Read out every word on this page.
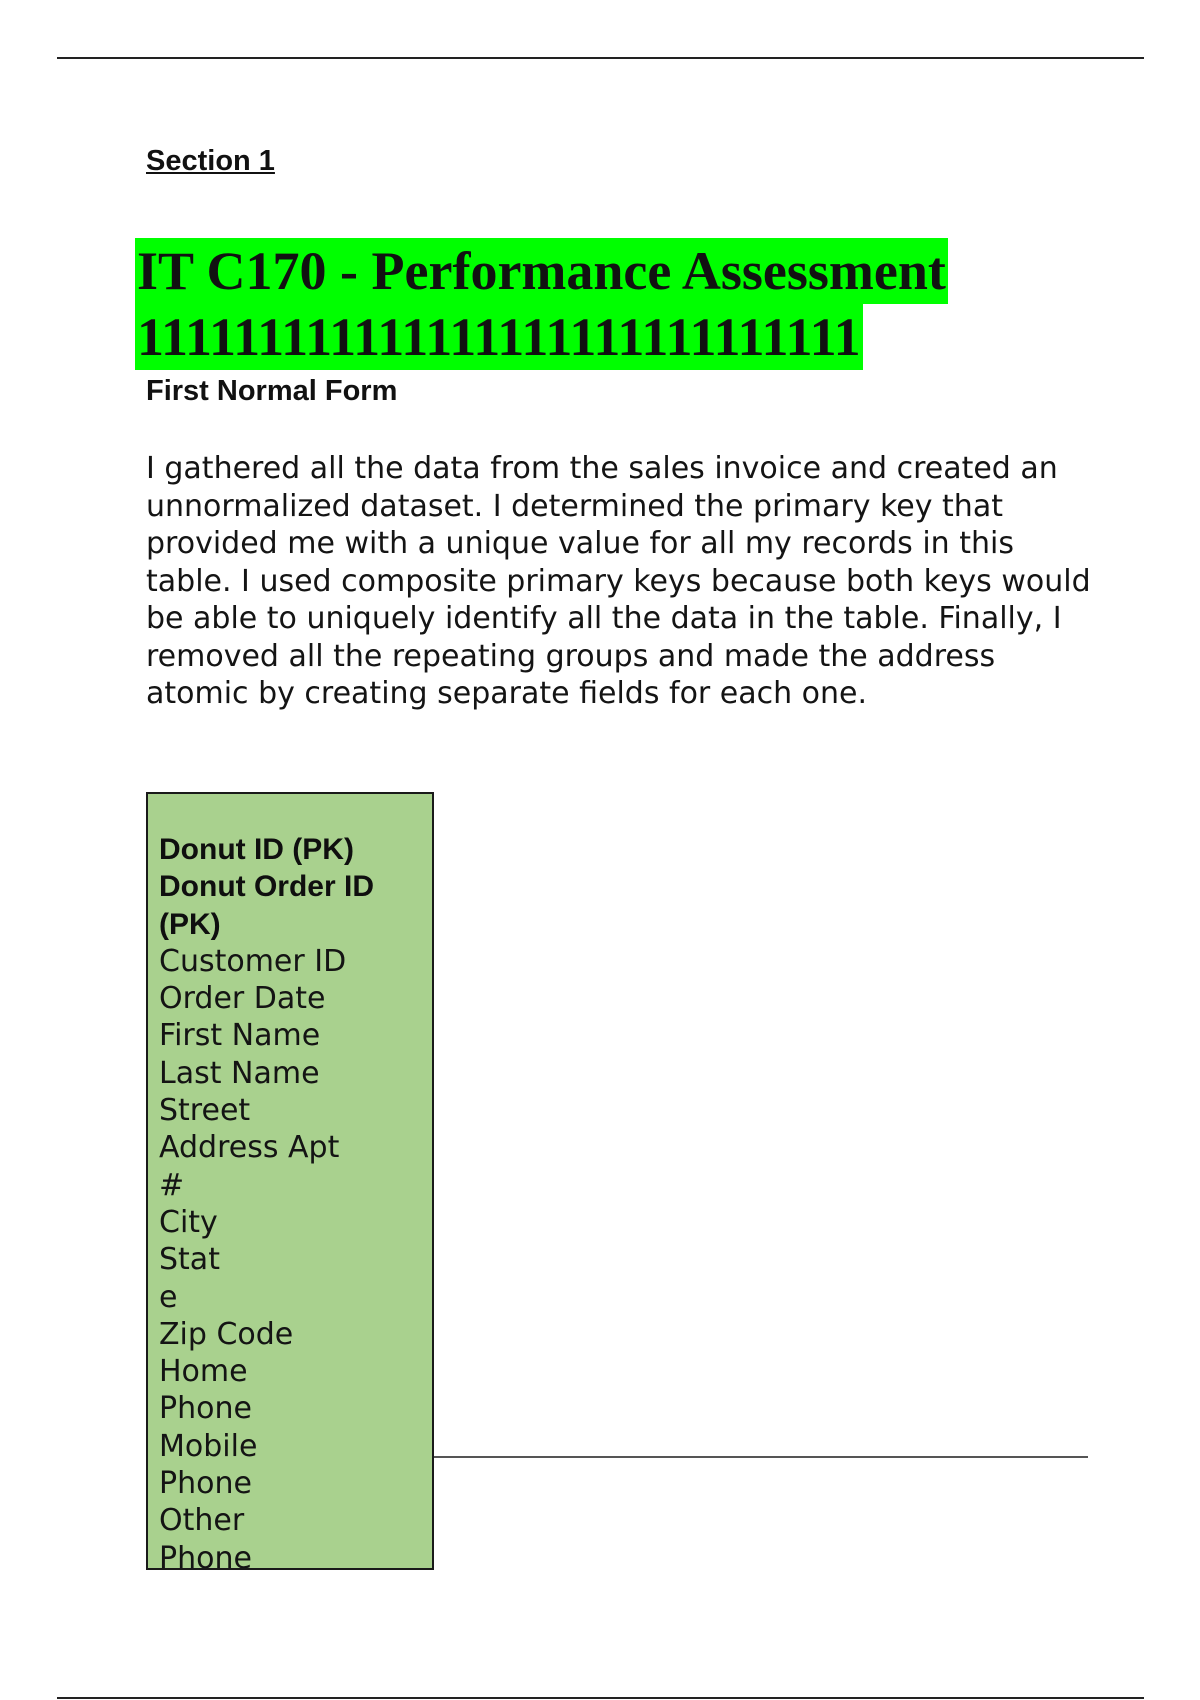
Section 1

IT C170 - Performance Assessment
111111111111111111111111111111
First Normal Form

I gathered all the data from the sales invoice and created an unnormalized dataset. I determined the primary key that provided me with a unique value for all my records in this table. I used composite primary keys because both keys would be able to uniquely identify all the data in the table. Finally, I removed all the repeating groups and made the address atomic by creating separate fields for each one.

Donut ID (PK)
Donut Order ID (PK)
Customer ID
Order Date
First Name
Last Name
Street Address Apt #
City
State
Zip Code
Home Phone
Mobile Phone
Other Phone
